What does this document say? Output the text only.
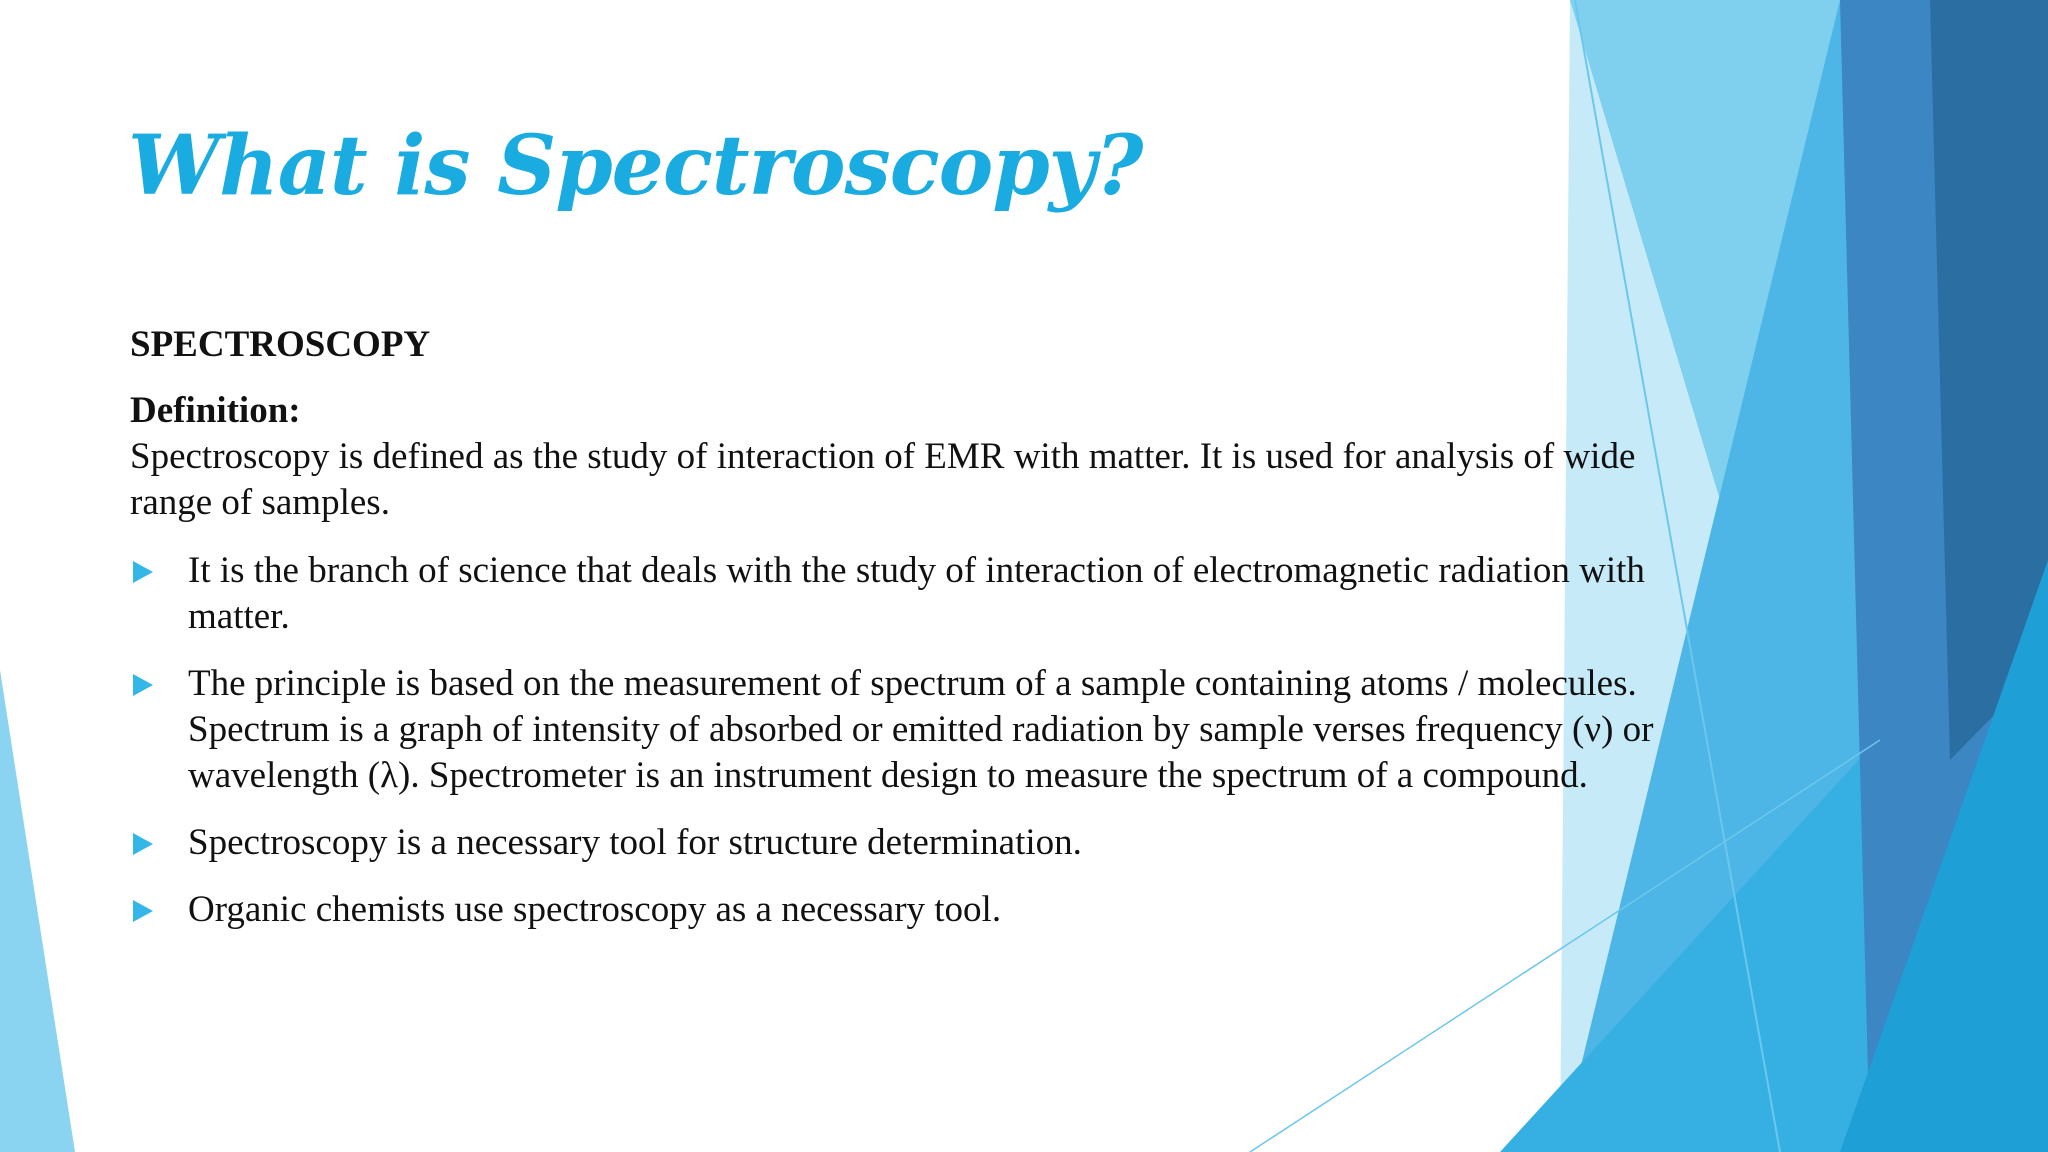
What is Spectroscopy?

SPECTROSCOPY

Definition:

Spectroscopy is defined as the study of interaction of EMR with matter. It is used for analysis of wide range of samples.

It is the branch of science that deals with the study of interaction of electromagnetic radiation with matter.
The principle is based on the measurement of spectrum of a sample containing atoms / molecules. Spectrum is a graph of intensity of absorbed or emitted radiation by sample verses frequency (ν) or wavelength (λ). Spectrometer is an instrument design to measure the spectrum of a compound.
Spectroscopy is a necessary tool for structure determination.
Organic chemists use spectroscopy as a necessary tool.
